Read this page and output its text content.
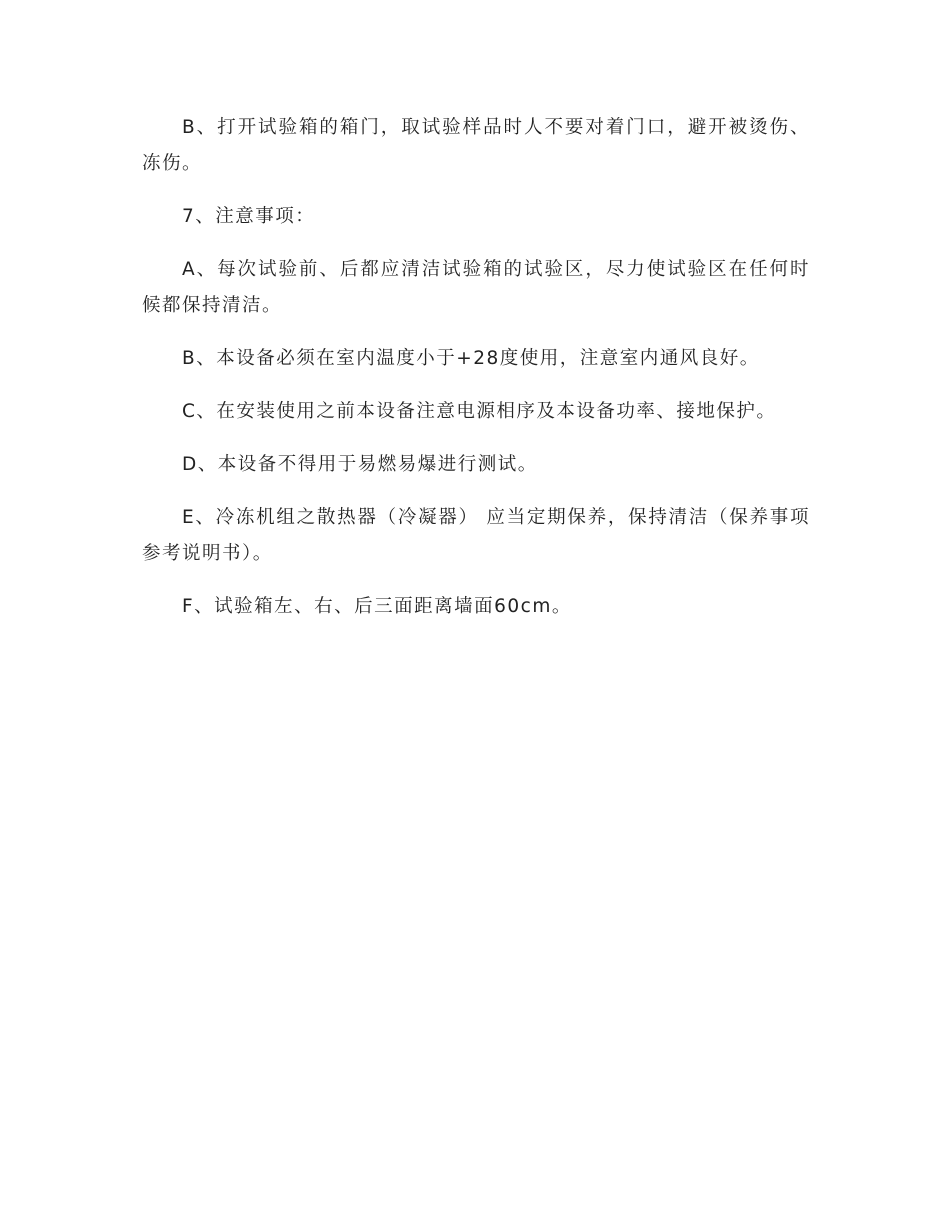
B、打开试验箱的箱门，取试验样品时人不要对着门口，避开被烫伤、冻伤。

7、注意事项：

A、每次试验前、后都应清洁试验箱的试验区，尽力使试验区在任何时候都保持清洁。

B、本设备必须在室内温度小于+28度使用，注意室内通风良好。

C、在安装使用之前本设备注意电源相序及本设备功率、接地保护。

D、本设备不得用于易燃易爆进行测试。

E、冷冻机组之散热器（冷凝器） 应当定期保养，保持清洁（保养事项参考说明书）。

F、试验箱左、右、后三面距离墙面60cm。
